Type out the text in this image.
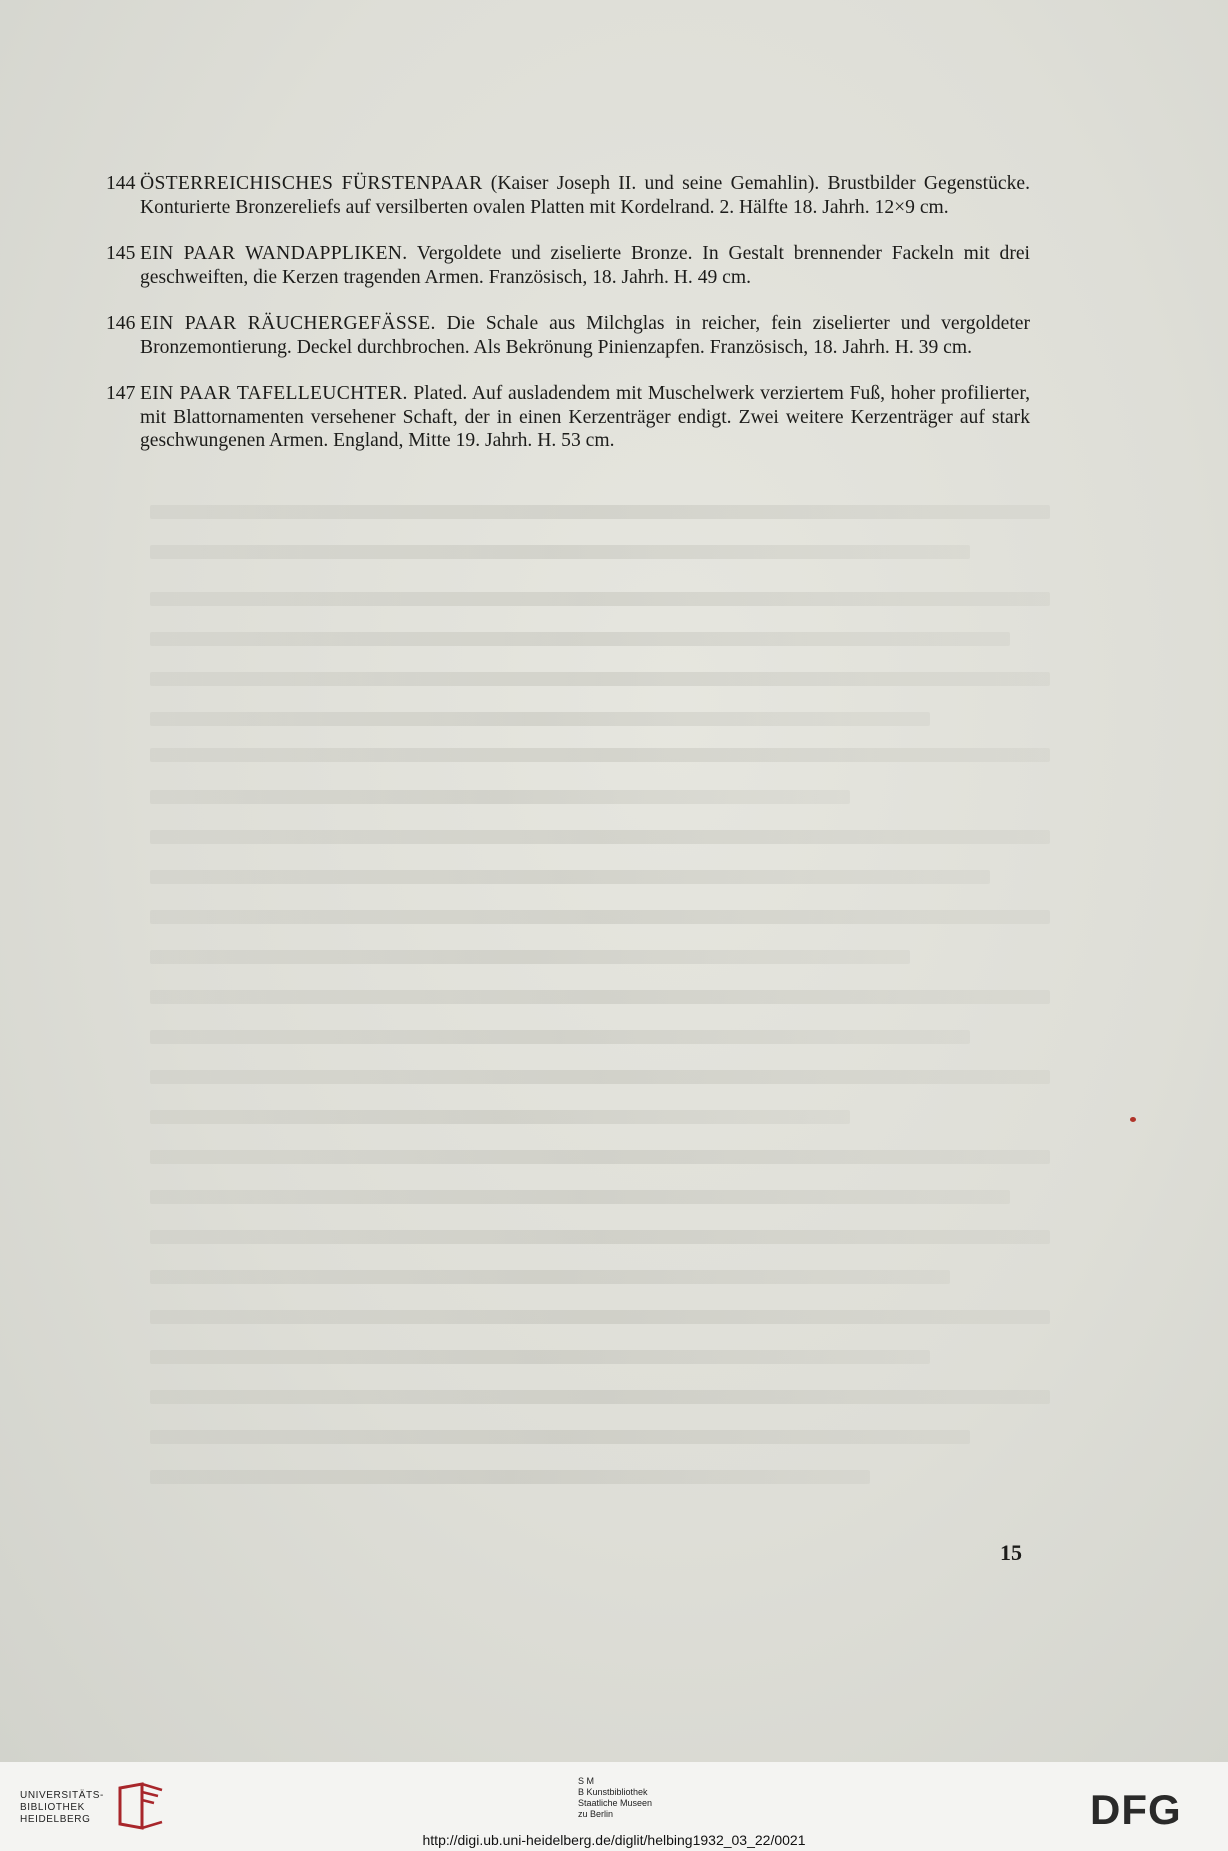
144 ÖSTERREICHISCHES FÜRSTENPAAR (Kaiser Joseph II. und seine Gemahlin). Brustbilder Gegenstücke. Konturierte Bronzereliefs auf versilberten ovalen Platten mit Kordelrand. 2. Hälfte 18. Jahrh. 12×9 cm.
145 EIN PAAR WANDAPPLIKEN. Vergoldete und ziselierte Bronze. In Gestalt brennender Fackeln mit drei geschweiften, die Kerzen tragenden Armen. Französisch, 18. Jahrh. H. 49 cm.
146 EIN PAAR RÄUCHERGEFÄSSE. Die Schale aus Milchglas in reicher, fein ziselierter und vergoldeter Bronzemontierung. Deckel durchbrochen. Als Bekrönung Pinienzapfen. Französisch, 18. Jahrh. H. 39 cm.
147 EIN PAAR TAFELLEUCHTER. Plated. Auf ausladendem mit Muschelwerk verziertem Fuß, hoher profilierter, mit Blattornamenten versehener Schaft, der in einen Kerzenträger endigt. Zwei weitere Kerzenträger auf stark geschwungenen Armen. England, Mitte 19. Jahrh. H. 53 cm.
15
UNIVERSITÄTS-
BIBLIOTHEK
HEIDELBERG
S M
B Kunstbibliothek
Staatliche Museen
zu Berlin	DFG
http://digi.ub.uni-heidelberg.de/diglit/helbing1932_03_22/0021
